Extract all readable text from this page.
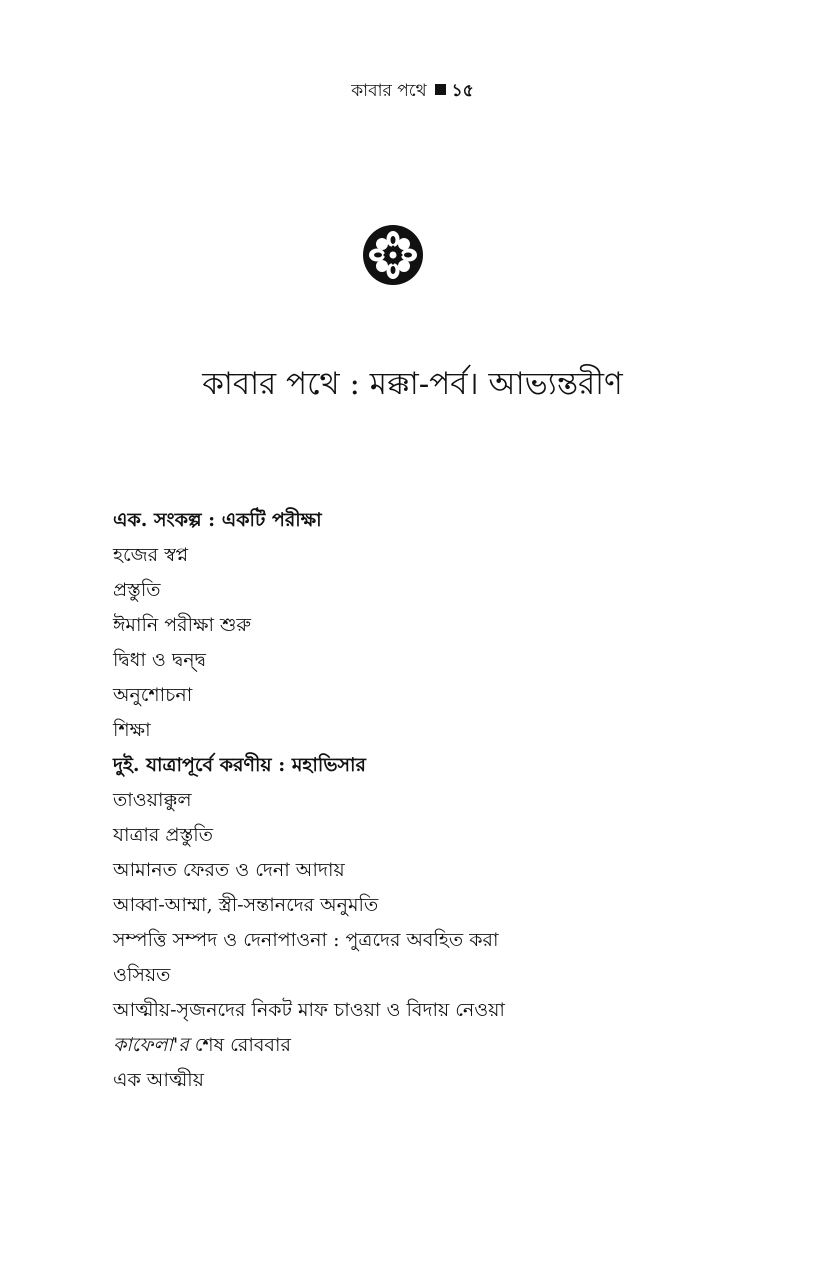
কাবার পথে ১৫
কাবার পথে : মক্কা-পর্ব। আভ্যন্তরীণ
এক. সংকল্প : একটি পরীক্ষা
হজের স্বপ্ন
প্রস্তুতি
ঈমানি পরীক্ষা শুরু
দ্বিধা ও দ্বন্দ্ব
অনুশোচনা
শিক্ষা
দুই. যাত্রাপূর্বে করণীয় : মহাভিসার
তাওয়াক্কুল
যাত্রার প্রস্তুতি
আমানত ফেরত ও দেনা আদায়
আব্বা-আম্মা, স্ত্রী-সন্তানদের অনুমতি
সম্পত্তি সম্পদ ও দেনাপাওনা : পুত্রদের অবহিত করা
ওসিয়ত
আত্মীয়-সৃজনদের নিকট মাফ চাওয়া ও বিদায় নেওয়া
কাফেলা'র শেষ রোববার
এক আত্মীয়
